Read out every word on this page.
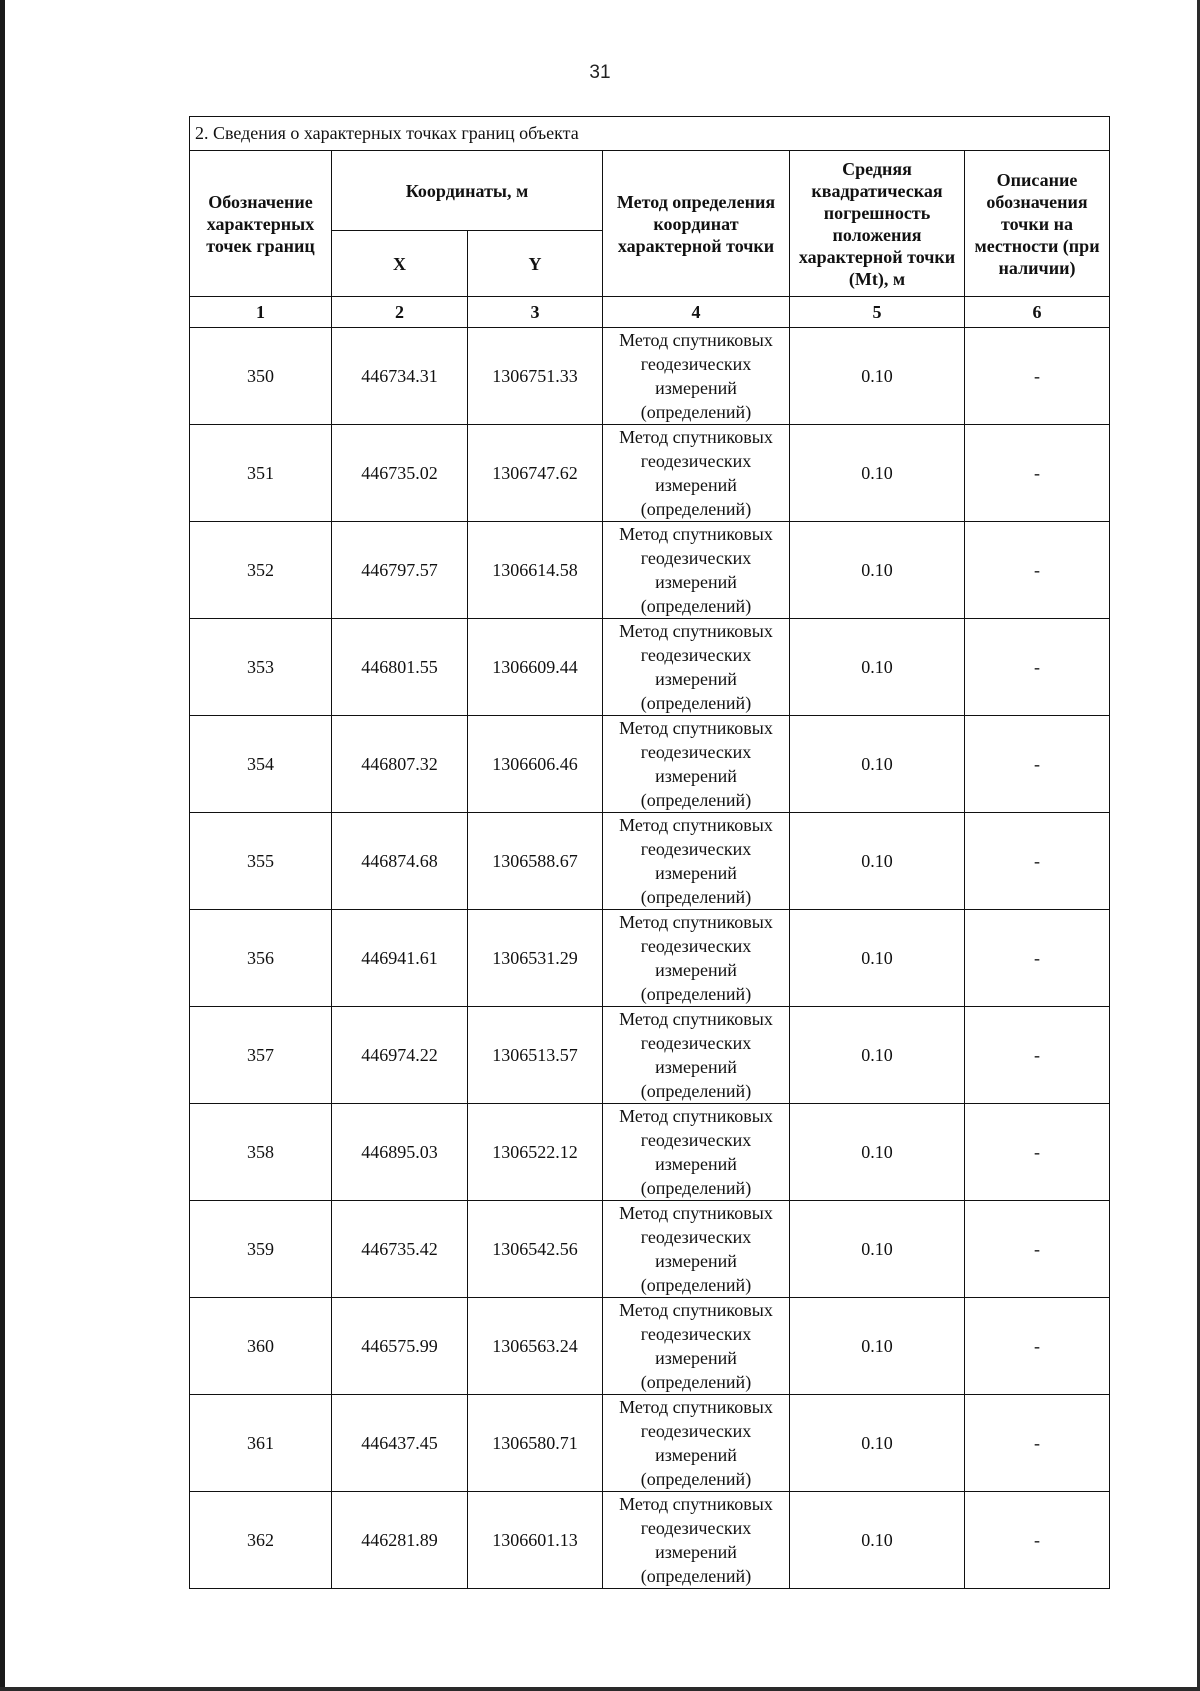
31
2. Сведения о характерных точках границ объекта					
Обозначение характерных точек границ	Координаты, м		Метод определения координат характерной точки	Средняя квадратическая погрешность положения характерной точки (Mt), м	Описание обозначения точки на местности (при наличии)
	X	Y			
1	2	3	4	5	6
350	446734.31	1306751.33	Метод спутниковых геодезических измерений (определений)	0.10	-
351	446735.02	1306747.62	Метод спутниковых геодезических измерений (определений)	0.10	-
352	446797.57	1306614.58	Метод спутниковых геодезических измерений (определений)	0.10	-
353	446801.55	1306609.44	Метод спутниковых геодезических измерений (определений)	0.10	-
354	446807.32	1306606.46	Метод спутниковых геодезических измерений (определений)	0.10	-
355	446874.68	1306588.67	Метод спутниковых геодезических измерений (определений)	0.10	-
356	446941.61	1306531.29	Метод спутниковых геодезических измерений (определений)	0.10	-
357	446974.22	1306513.57	Метод спутниковых геодезических измерений (определений)	0.10	-
358	446895.03	1306522.12	Метод спутниковых геодезических измерений (определений)	0.10	-
359	446735.42	1306542.56	Метод спутниковых геодезических измерений (определений)	0.10	-
360	446575.99	1306563.24	Метод спутниковых геодезических измерений (определений)	0.10	-
361	446437.45	1306580.71	Метод спутниковых геодезических измерений (определений)	0.10	-
362	446281.89	1306601.13	Метод спутниковых геодезических измерений (определений)	0.10	-
